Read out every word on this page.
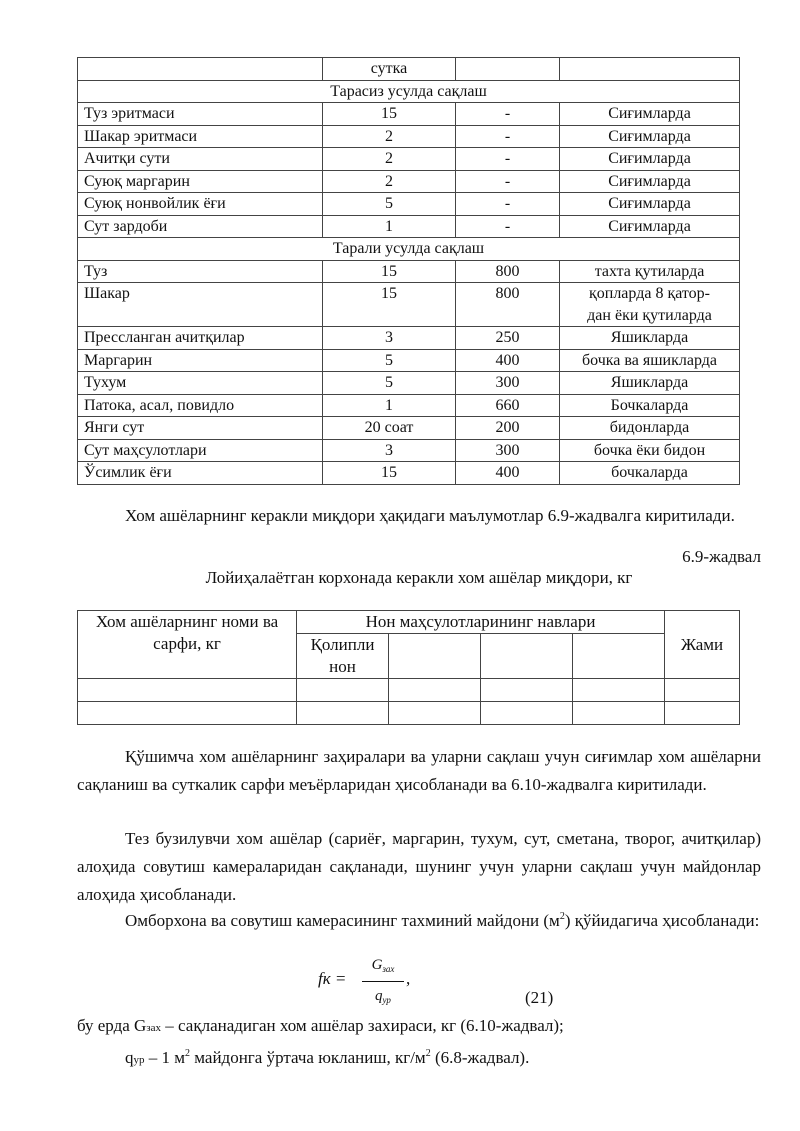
	сутка		
Тарасиз усулда сақлаш			
Туз эритмаси	15	-	Сиғимларда
Шакар эритмаси	2	-	Сиғимларда
Ачитқи сути	2	-	Сиғимларда
Суюқ маргарин	2	-	Сиғимларда
Суюқ нонвойлик ёғи	5	-	Сиғимларда
Сут зардоби	1	-	Сиғимларда
Тарали усулда сақлаш			
Туз	15	800	тахта қутиларда
Шакар	15	800	қопларда 8 қатор-
дан ёки қутиларда
Прессланган ачитқилар	3	250	Яшикларда
Маргарин	5	400	бочка ва яшикларда
Тухум	5	300	Яшикларда
Патока, асал, повидло	1	660	Бочкаларда
Янги сут	20 соат	200	бидонларда
Сут маҳсулотлари	3	300	бочка ёки бидон
Ўсимлик ёғи	15	400	бочкаларда
Хом ашёларнинг керакли миқдори ҳақидаги маълумотлар 6.9-жадвалга киритилади.
6.9-жадвал
Лойиҳалаётган корхонада керакли хом ашёлар миқдори, кг
Хом ашёларнинг номи ва сарфи, кг	Нон маҳсулотларининг навлари				Жами
	Қолипли
нон				

Қўшимча хом ашёларнинг заҳиралари ва уларни сақлаш учун сиғимлар хом ашёларни сақланиш ва суткалик сарфи меъёрларидан ҳисобланади ва 6.10-жадвалга киритилади.
Тез бузилувчи хом ашёлар (сариёғ, маргарин, тухум, сут, сметана, творог, ачитқилар) алоҳида совутиш камераларидан сақланади, шунинг учун уларни сақлаш учун майдонлар алоҳида ҳисобланади.
Омборхона ва совутиш камерасининг тахминий майдони $(м^2)$ қўйидагича ҳисобланади:
fк =
$G_{зах}$
$q_{ур}$
,
(21)
бу ерда Gзах – сақланадиган хом ашёлар захираси, кг (6.10-жадвал);
qур – 1 $м^2$ майдонга ўртача юкланиш, $кг/м^2$ (6.8-жадвал).
